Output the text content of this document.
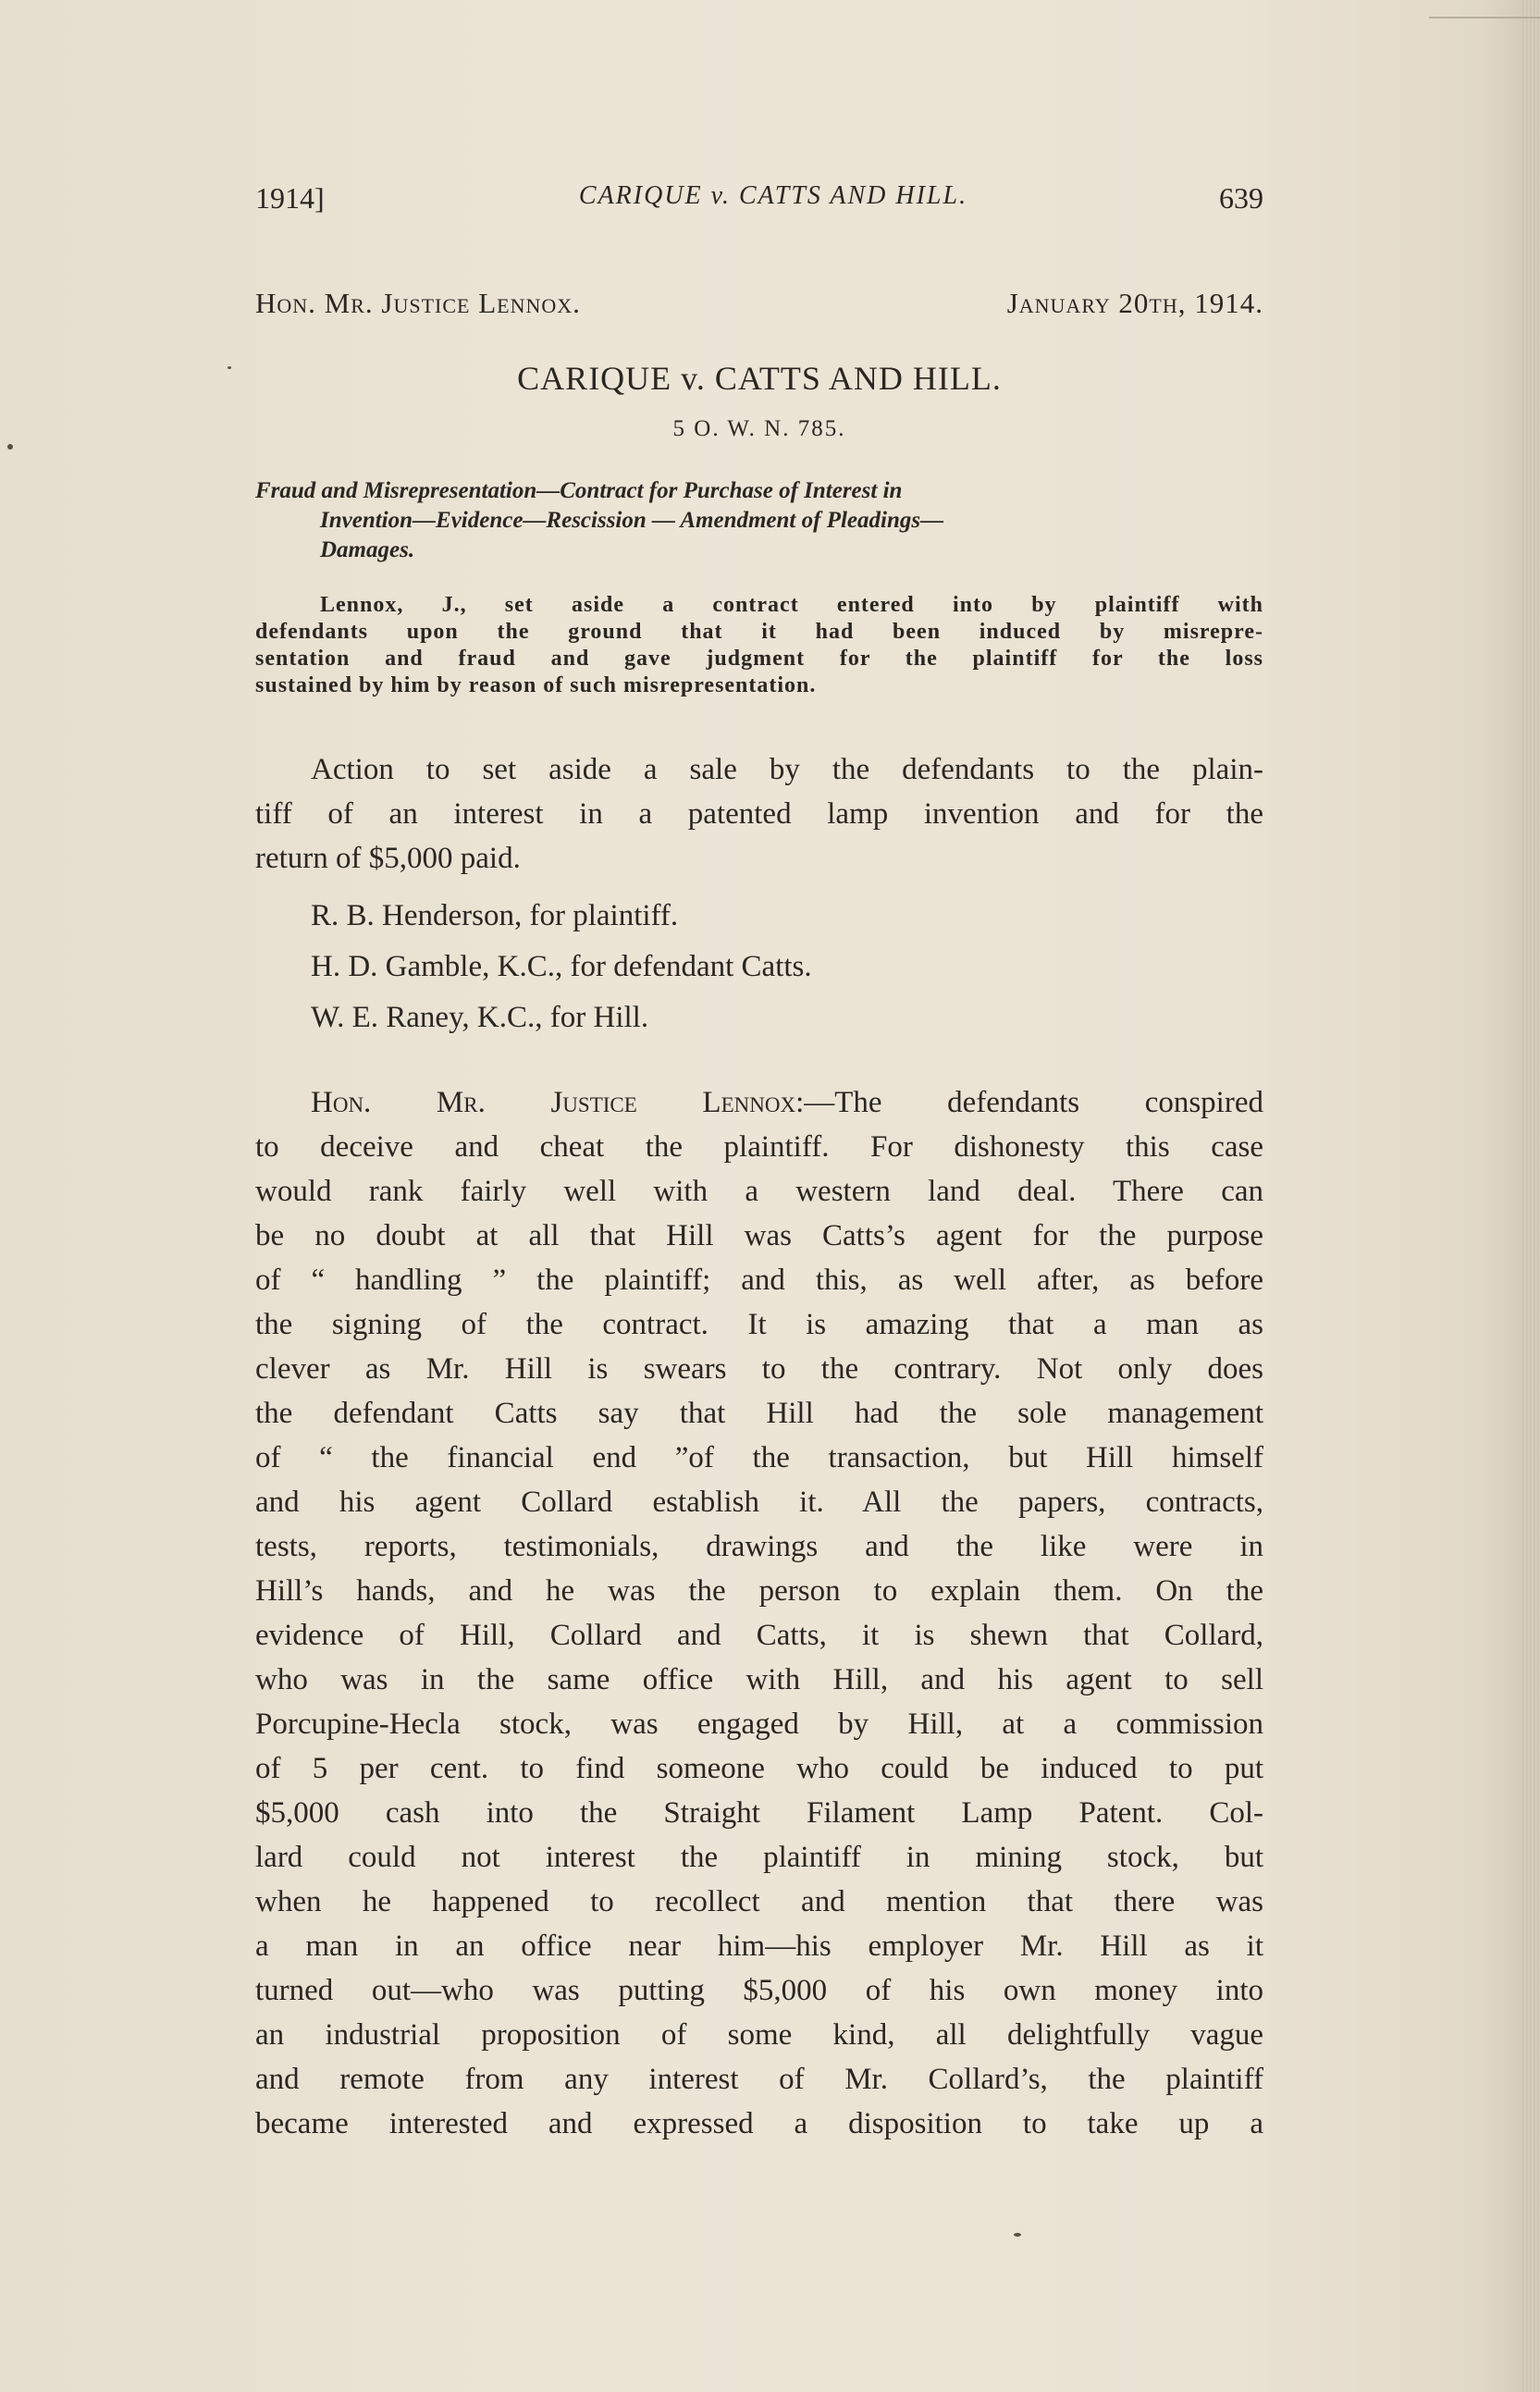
1914]	CARIQUE v. CATTS AND HILL.	639
Hon. Mr. Justice Lennox.	January 20th, 1914.
CARIQUE v. CATTS AND HILL.
5 O. W. N. 785.
Fraud and Misrepresentation—Contract for Purchase of Interest in
Invention—Evidence—Rescission — Amendment of Pleadings—
Damages.

Lennox, J., set aside a contract entered into by plaintiff with

defendants upon the ground that it had been induced by misrepre-

sentation and fraud and gave judgment for the plaintiff for the loss

sustained by him by reason of such misrepresentation.

Action to set aside a sale by the defendants to the plain-

tiff of an interest in a patented lamp invention and for the

return of $5,000 paid.

R. B. Henderson, for plaintiff.
H. D. Gamble, K.C., for defendant Catts.
W. E. Raney, K.C., for Hill.

Hon. Mr. Justice Lennox:—The defendants conspired

to deceive and cheat the plaintiff. For dishonesty this case

would rank fairly well with a western land deal. There can

be no doubt at all that Hill was Catts’s agent for the purpose

of “ handling ” the plaintiff; and this, as well after, as before

the signing of the contract. It is amazing that a man as

clever as Mr. Hill is swears to the contrary. Not only does

the defendant Catts say that Hill had the sole management

of “ the financial end ”of the transaction, but Hill himself

and his agent Collard establish it. All the papers, contracts,

tests, reports, testimonials, drawings and the like were in

Hill’s hands, and he was the person to explain them. On the

evidence of Hill, Collard and Catts, it is shewn that Collard,

who was in the same office with Hill, and his agent to sell

Porcupine-Hecla stock, was engaged by Hill, at a commission

of 5 per cent. to find someone who could be induced to put

$5,000 cash into the Straight Filament Lamp Patent. Col-

lard could not interest the plaintiff in mining stock, but

when he happened to recollect and mention that there was

a man in an office near him—his employer Mr. Hill as it

turned out—who was putting $5,000 of his own money into

an industrial proposition of some kind, all delightfully vague

and remote from any interest of Mr. Collard’s, the plaintiff

became interested and expressed a disposition to take up a
